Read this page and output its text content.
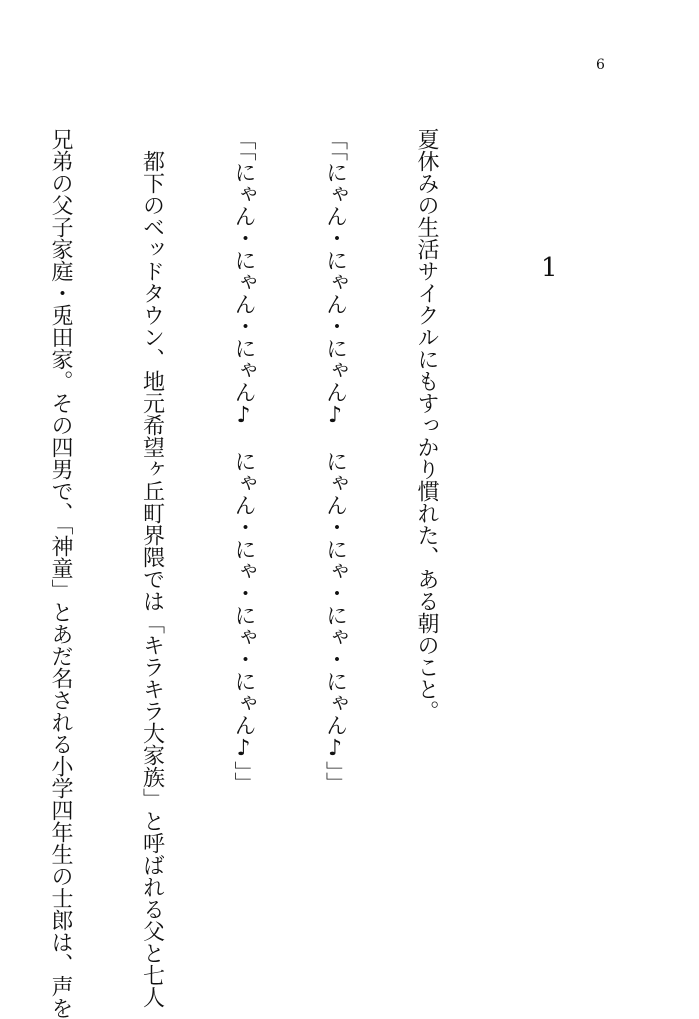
6
1

夏休みの生活サイクルにもすっかり慣れた、ある朝のこと。

「「にゃん・にゃん・にゃん♪　にゃん・にゃ・にゃ・にゃん♪」」

「「にゃん・にゃん・にゃん♪　にゃん・にゃ・にゃ・にゃん♪」」

　都下のベッドタウン、地元希望ヶ丘町界隈では「キラキラ大家族」と呼ばれる父と七人

兄弟の父子家庭・兎田家。その四男で、「神童」とあだ名される小学四年生の士郎は、声を
